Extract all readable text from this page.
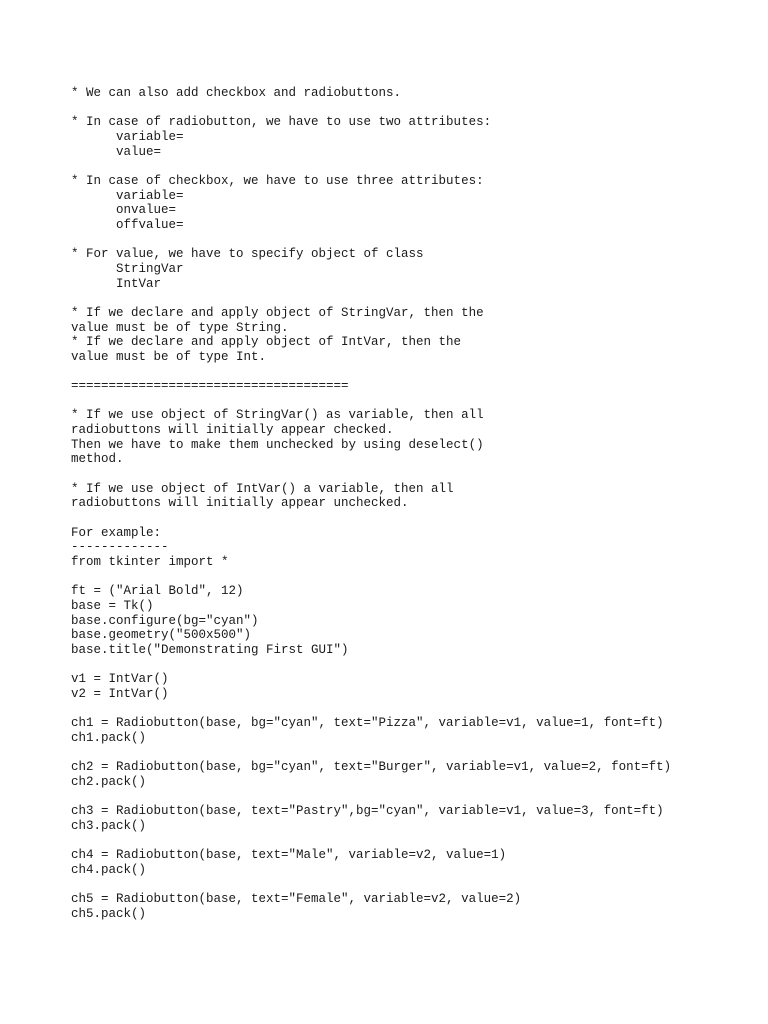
* We can also add checkbox and radiobuttons.

* In case of radiobutton, we have to use two attributes:
variable=
value=

* In case of checkbox, we have to use three attributes:
variable=
onvalue=
offvalue=

* For value, we have to specify object of class
StringVar
IntVar

* If we declare and apply object of StringVar, then the
value must be of type String.
* If we declare and apply object of IntVar, then the
value must be of type Int.

=====================================

* If we use object of StringVar() as variable, then all
radiobuttons will initially appear checked.
Then we have to make them unchecked by using deselect()
method.

* If we use object of IntVar() a variable, then all
radiobuttons will initially appear unchecked.

For example:
-------------
from tkinter import *

ft = ("Arial Bold", 12)
base = Tk()
base.configure(bg="cyan")
base.geometry("500x500")
base.title("Demonstrating First GUI")

v1 = IntVar()
v2 = IntVar()

ch1 = Radiobutton(base, bg="cyan", text="Pizza", variable=v1, value=1, font=ft)
ch1.pack()

ch2 = Radiobutton(base, bg="cyan", text="Burger", variable=v1, value=2, font=ft)
ch2.pack()

ch3 = Radiobutton(base, text="Pastry",bg="cyan", variable=v1, value=3, font=ft)
ch3.pack()

ch4 = Radiobutton(base, text="Male", variable=v2, value=1)
ch4.pack()

ch5 = Radiobutton(base, text="Female", variable=v2, value=2)
ch5.pack()
